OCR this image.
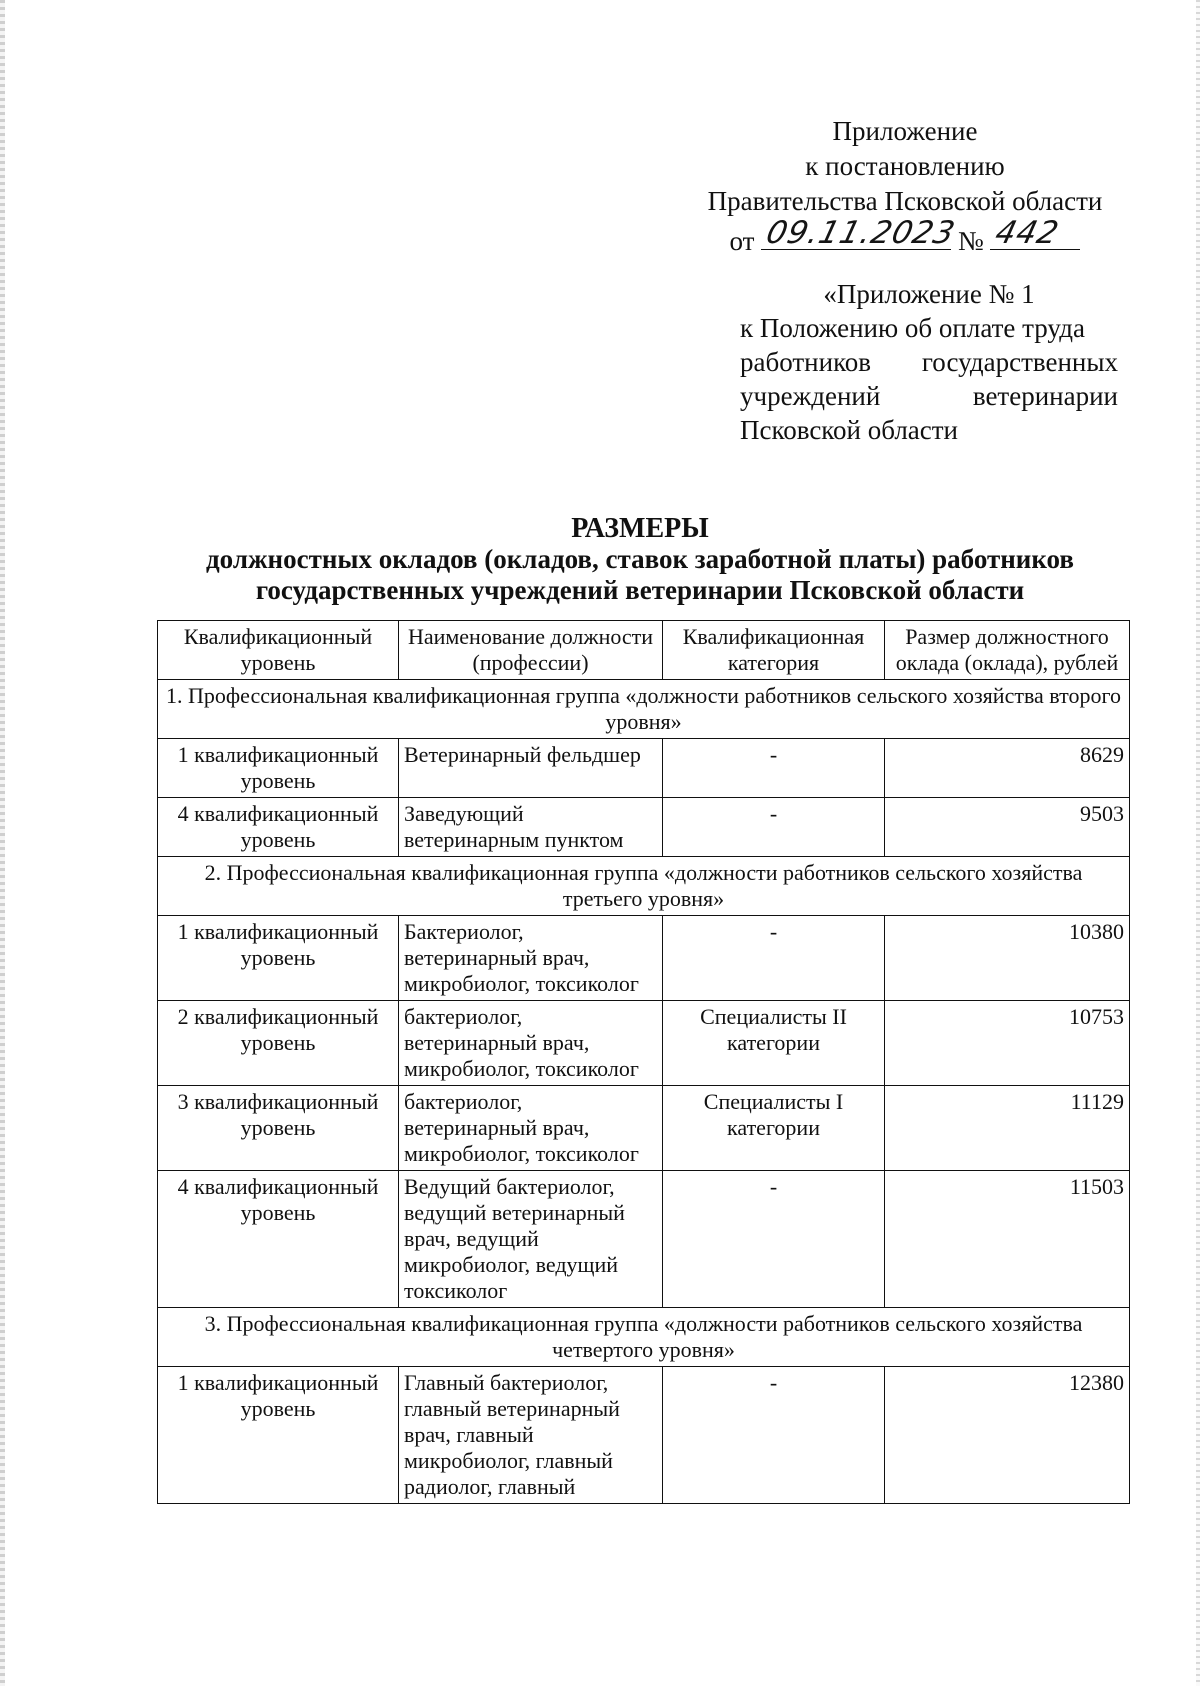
Приложение
к постановлению
Правительства Псковской области
от 09.11.2023
№ 442
«Приложение № 1
к Положению об оплате труда
работников государственных
учреждений	ветеринарии
Псковской области
РАЗМЕРЫ
должностных окладов (окладов, ставок заработной платы) работников
государственных учреждений ветеринарии Псковской области
Квалификационный уровень	Наименование должности (профессии)	Квалификационная категория	Размер должностного оклада (оклада), рублей
1. Профессиональная квалификационная группа «должности работников сельского хозяйства второго уровня»			
1 квалификационный уровень	Ветеринарный фельдшер	-	8629
4 квалификационный уровень	Заведующий ветеринарным пунктом	-	9503
2. Профессиональная квалификационная группа «должности работников сельского хозяйства третьего уровня»			
1 квалификационный уровень	Бактериолог, ветеринарный врач, микробиолог, токсиколог	-	10380
2 квалификационный уровень	бактериолог, ветеринарный врач, микробиолог, токсиколог	Специалисты II категории	10753
3 квалификационный уровень	бактериолог, ветеринарный врач, микробиолог, токсиколог	Специалисты I категории	11129
4 квалификационный уровень	Ведущий бактериолог, ведущий ветеринарный врач, ведущий микробиолог, ведущий токсиколог	-	11503
3. Профессиональная квалификационная группа «должности работников сельского хозяйства четвертого уровня»			
1 квалификационный уровень	Главный бактериолог, главный ветеринарный врач, главный микробиолог, главный радиолог, главный	-	12380
